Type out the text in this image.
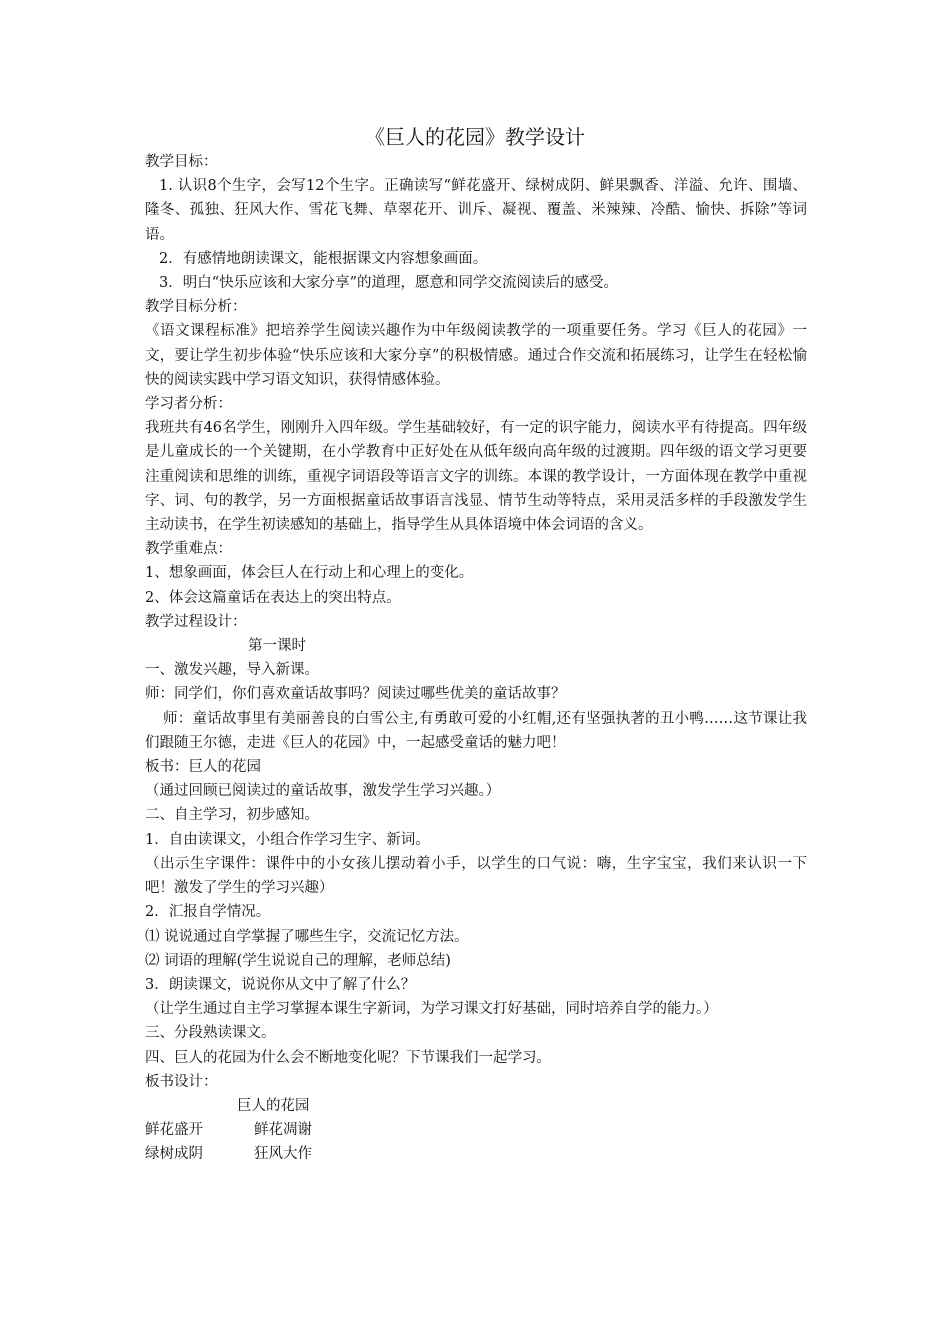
《巨人的花园》教学设计

教学目标：

1. 认识8个生字，会写12个生字。正确读写“鲜花盛开、绿树成阴、鲜果飘香、洋溢、允许、围墙、隆冬、孤独、狂风大作、雪花飞舞、草翠花开、训斥、凝视、覆盖、米辣辣、冷酷、愉快、拆除”等词语。

2．有感情地朗读课文，能根据课文内容想象画面。

3．明白“快乐应该和大家分享”的道理，愿意和同学交流阅读后的感受。

教学目标分析：

《语文课程标准》把培养学生阅读兴趣作为中年级阅读教学的一项重要任务。学习《巨人的花园》一文，要让学生初步体验“快乐应该和大家分享”的积极情感。通过合作交流和拓展练习，让学生在轻松愉快的阅读实践中学习语文知识，获得情感体验。

学习者分析：

我班共有46名学生，刚刚升入四年级。学生基础较好，有一定的识字能力，阅读水平有待提高。四年级是儿童成长的一个关键期，在小学教育中正好处在从低年级向高年级的过渡期。四年级的语文学习更要注重阅读和思维的训练，重视字词语段等语言文字的训练。本课的教学设计，一方面体现在教学中重视字、词、句的教学，另一方面根据童话故事语言浅显、情节生动等特点，采用灵活多样的手段激发学生主动读书，在学生初读感知的基础上，指导学生从具体语境中体会词语的含义。

教学重难点：

1、想象画面，体会巨人在行动上和心理上的变化。

2、体会这篇童话在表达上的突出特点。

教学过程设计：

第一课时

一、激发兴趣，导入新课。

师：同学们，你们喜欢童话故事吗？阅读过哪些优美的童话故事？

师：童话故事里有美丽善良的白雪公主,有勇敢可爱的小红帽,还有坚强执著的丑小鸭……这节课让我们跟随王尔德，走进《巨人的花园》中，一起感受童话的魅力吧！

板书：巨人的花园

（通过回顾已阅读过的童话故事，激发学生学习兴趣。）

二、自主学习，初步感知。

1．自由读课文，小组合作学习生字、新词。

（出示生字课件：课件中的小女孩儿摆动着小手，以学生的口气说：嗨，生字宝宝，我们来认识一下吧！激发了学生的学习兴趣）

2．汇报自学情况。

⑴ 说说通过自学掌握了哪些生字，交流记忆方法。

⑵ 词语的理解(学生说说自己的理解，老师总结)

3．朗读课文，说说你从文中了解了什么？

（让学生通过自主学习掌握本课生字新词，为学习课文打好基础，同时培养自学的能力。）

三、分段熟读课文。

四、巨人的花园为什么会不断地变化呢？下节课我们一起学习。

板书设计：

巨人的花园

鲜花盛开	鲜花凋谢
绿树成阴	狂风大作
